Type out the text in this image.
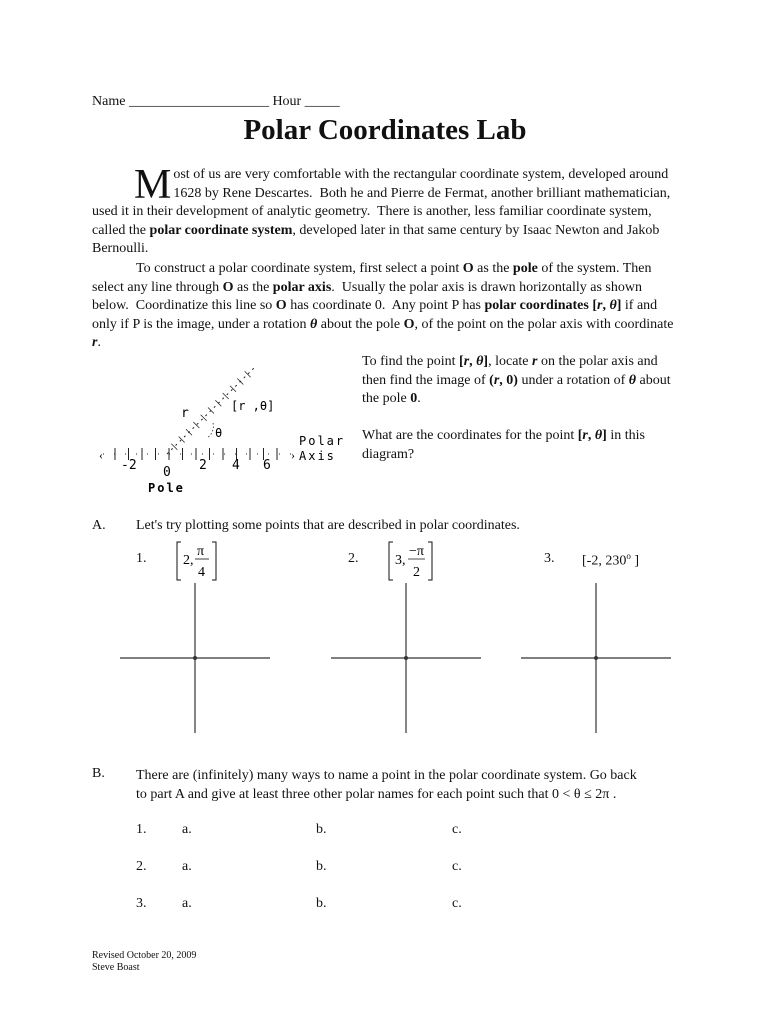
Name ____________________ Hour _____
Polar Coordinates Lab
M ost of us are very comfortable with the rectangular coordinate system, developed around 1628 by Rene Descartes.  Both he and Pierre de Fermat, another brilliant mathematician, used it in their development of analytic geometry.  There is another, less familiar coordinate system, called the polar coordinate system, developed later in that same century by Isaac Newton and Jakob Bernoulli.
To construct a polar coordinate system, first select a point O as the pole of the system. Then select any line through O as the polar axis.  Usually the polar axis is drawn horizontally as shown below.  Coordinatize this line so O has coordinate 0.  Any point P has polar coordinates [r, θ] if and only if P is the image, under a rotation θ about the pole O, of the point on the polar axis with coordinate r.
‹	›
[r ,θ]
r
θ
Polar
Axis
-2 0 2 4 6
Pole
To find the point [r, θ], locate r on the polar axis and then find the image of (r, 0) under a rotation of θ about the pole 0.
What are the coordinates for the point [r, θ] in this diagram?
A. Let's try plotting some points that are described in polar coordinates.
1.	2,
π
4
2.	3,
−π
2
3. [-2, 230$^o$ ]
B. There are (infinitely) many ways to name a point in the polar coordinate system. Go back
to part A and give at least three other polar names for each point such that 0 < θ ≤ 2π .
1.	a.	b.	c.
2.	a.	b.	c.
3.	a.	b.	c.
Revised October 20, 2009
Steve Boast
